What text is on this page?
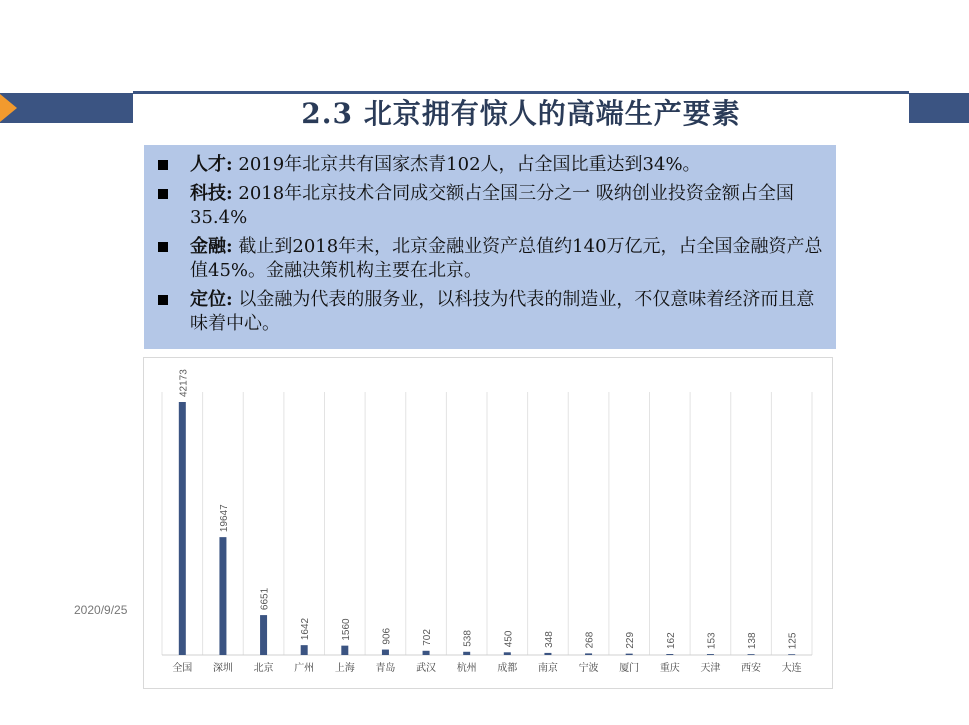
2.3 北京拥有惊人的高端生产要素
人才: 2019年北京共有国家杰青102人，占全国比重达到34%。
科技: 2018年北京技术合同成交额占全国三分之一 吸纳创业投资金额占全国35.4%
金融: 截止到2018年末，北京金融业资产总值约140万亿元，占全国金融资产总值45%。金融决策机构主要在北京。
定位: 以金融为代表的服务业，以科技为代表的制造业，不仅意味着经济而且意味着中心。
2020/9/25
42173
全国
19647
深圳
6651
北京
1642
广州
1560
上海
906
青岛
702
武汉
538
杭州
450
成都
348
南京
268
宁波
229
厦门
162
重庆
153
天津
138
西安
125
大连
